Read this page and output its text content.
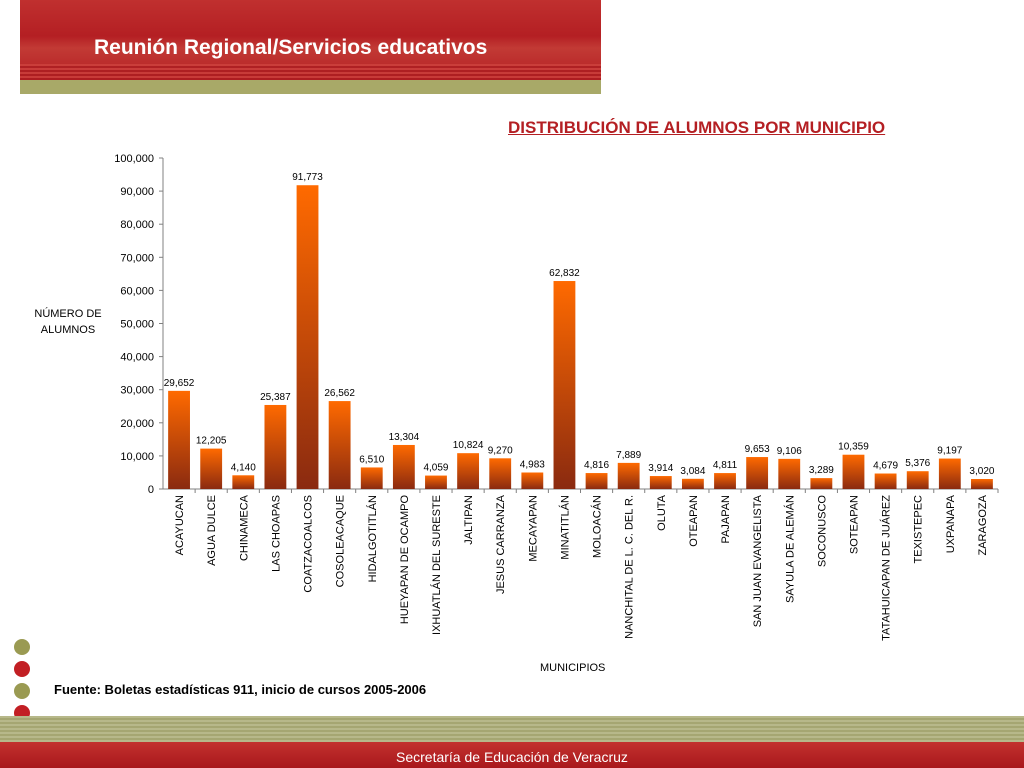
Reunión Regional/Servicios educativos
DISTRIBUCIÓN DE ALUMNOS POR MUNICIPIO
NÚMERO DE
ALUMNOS
0
10,000
20,000
30,000
40,000
50,000
60,000
70,000
80,000
90,000
100,000
29,652
12,205
4,140
25,387
91,773
26,562
6,510
13,304
4,059
10,824 9,270
4,983
62,832
4,816
7,889
3,914 3,084
4,811
9,653 9,106
3,289
10,359
4,679 5,376
9,197
3,020
ACAYUCAN AGUA DULCE CHINAMECA LAS CHOAPAS COATZACOALCOS COSOLEACAQUE HIDALGOTITLÁN HUEYAPAN DE OCAMPO IXHUATLÁN DEL SURESTE JALTIPAN JESUS CARRANZA MECAYAPAN MINATITLÁN MOLOACÁN NANCHITAL DE L. C. DEL R. OLUTA OTEAPAN PAJAPAN SAN JUAN EVANGELISTA SAYULA DE ALEMÁN SOCONUSCO SOTEAPAN TATAHUICAPAN DE JUÁREZ TEXISTEPEC UXPANAPA ZARAGOZA
MUNICIPIOS
Fuente: Boletas estadísticas 911, inicio de cursos 2005-2006
Secretaría de Educación de Veracruz
